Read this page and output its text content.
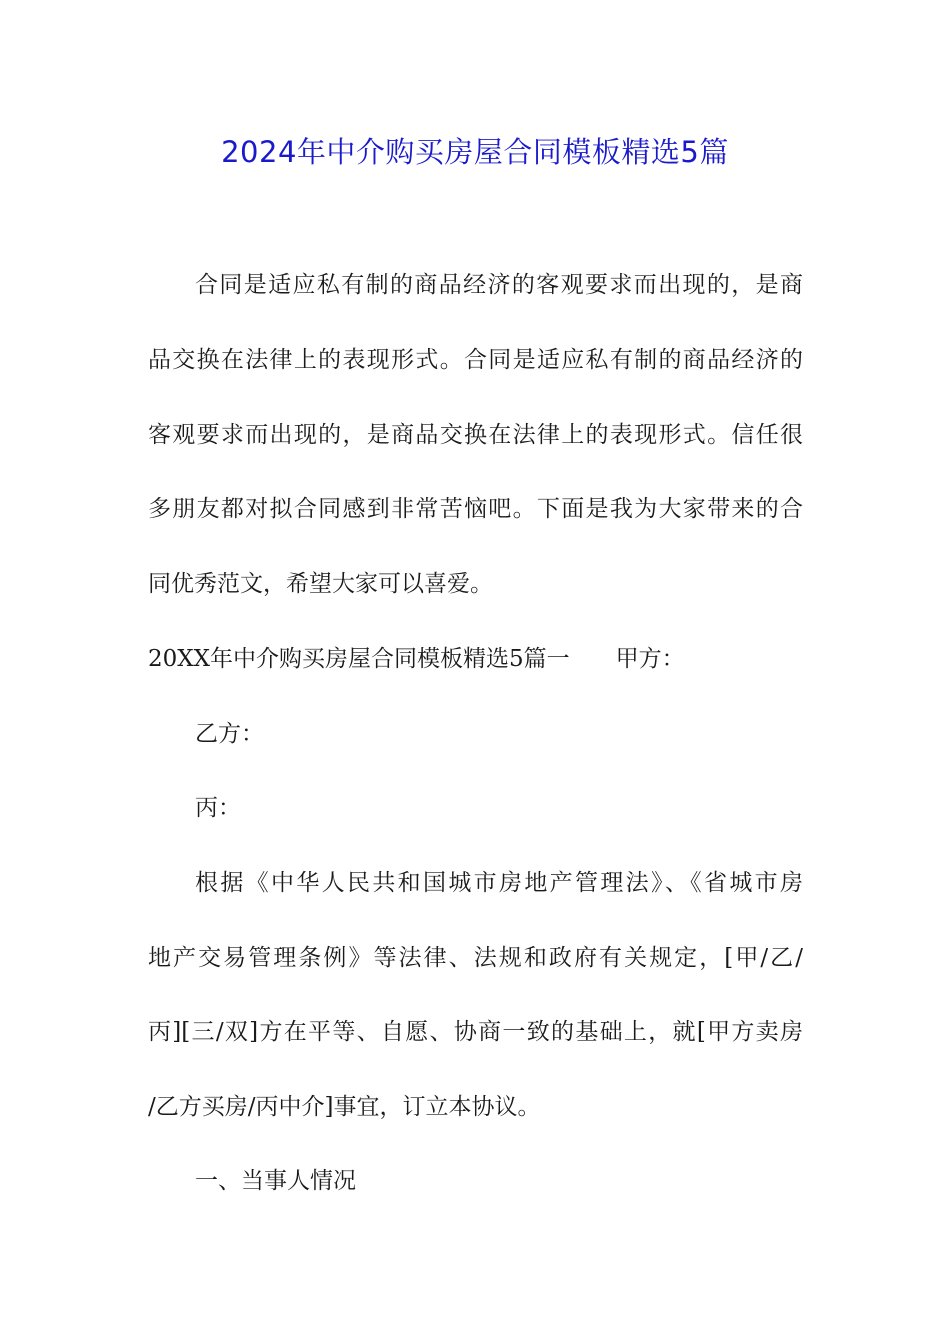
2024年中介购买房屋合同模板精选5篇
合同是适应私有制的商品经济的客观要求而出现的，是商
品交换在法律上的表现形式。合同是适应私有制的商品经济的
客观要求而出现的，是商品交换在法律上的表现形式。信任很
多朋友都对拟合同感到非常苦恼吧。下面是我为大家带来的合
同优秀范文，希望大家可以喜爱。
20XX年中介购买房屋合同模板精选5篇一　　甲方：
乙方：
丙：
根据《中华人民共和国城市房地产管理法》、《省城市房
地产交易管理条例》等法律、法规和政府有关规定，[甲/乙/
丙][三/双]方在平等、自愿、协商一致的基础上，就[甲方卖房
/乙方买房/丙中介]事宜，订立本协议。
一、当事人情况
